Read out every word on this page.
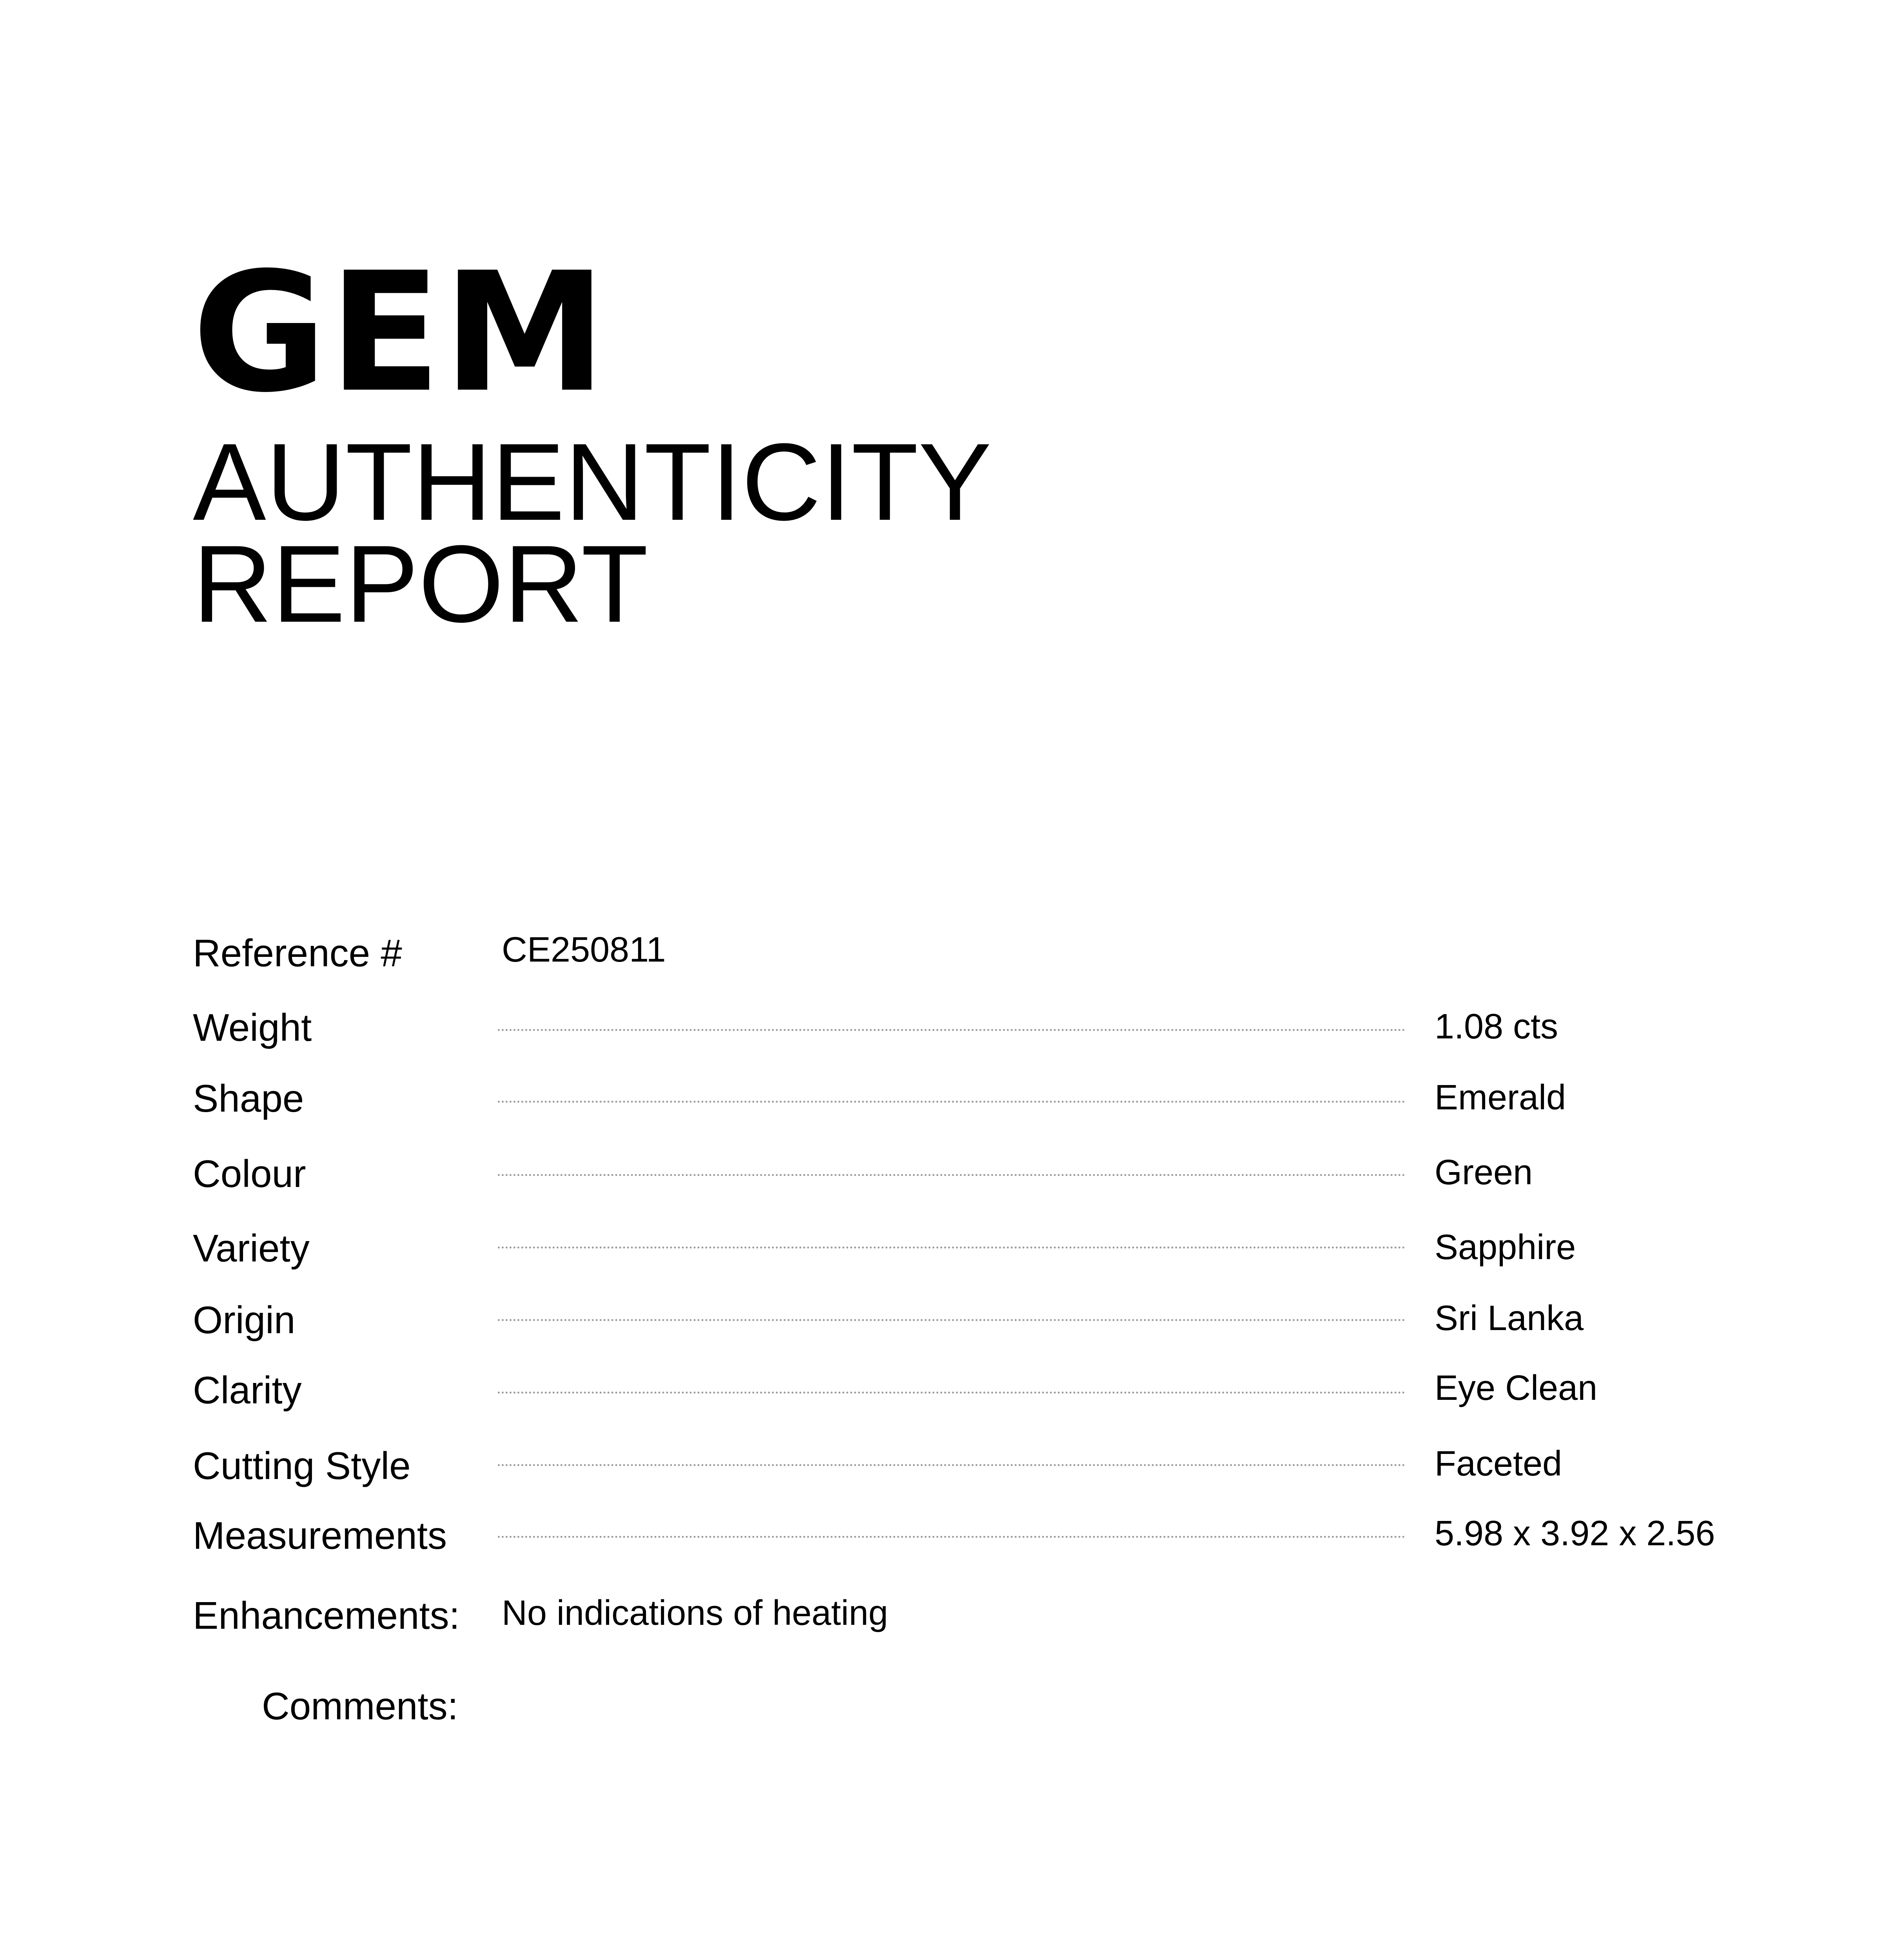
GEM
AUTHENTICITY
REPORT
Reference #	CE250811
Weight	1.08 cts
Shape	Emerald
Colour	Green
Variety	Sapphire
Origin	Sri Lanka
Clarity	Eye Clean
Cutting Style	Faceted
Measurements	5.98 x 3.92 x 2.56
Enhancements: No indications of heating
Comments:
